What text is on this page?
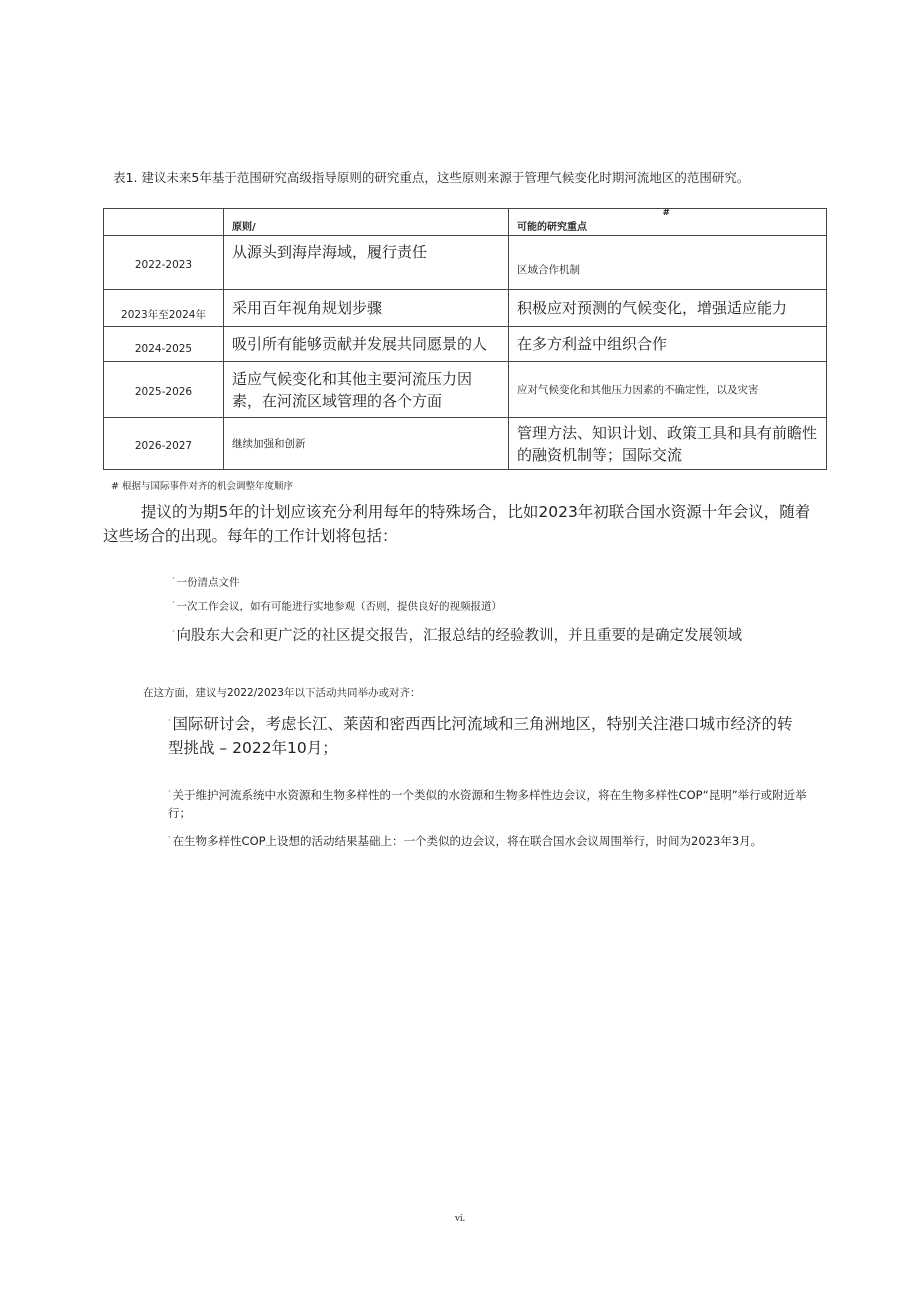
表1. 建议未来5年基于范围研究高级指导原则的研究重点，这些原则来源于管理气候变化时期河流地区的范围研究。
	原则/	可能的研究重点
#

2022-2023	从源头到海岸海域，履行责任	区域合作机制
2023年至2024年	采用百年视角规划步骤	积极应对预测的气候变化，增强适应能力
2024-2025	吸引所有能够贡献并发展共同愿景的人	在多方利益中组织合作
2025-2026	适应气候变化和其他主要河流压力因素，在河流区域管理的各个方面	应对气候变化和其他压力因素的不确定性，以及灾害
2026-2027	继续加强和创新	管理方法、知识计划、政策工具和具有前瞻性的融资机制等；国际交流
# 根据与国际事件对齐的机会调整年度顺序
提议的为期5年的计划应该充分利用每年的特殊场合，比如2023年初联合国水资源十年会议，随着这些场合的出现。每年的工作计划将包括：
· 一份清点文件
· 一次工作会议，如有可能进行实地参观（否则，提供良好的视频报道）
· 向股东大会和更广泛的社区提交报告，汇报总结的经验教训，并且重要的是确定发展领域
在这方面，建议与2022/2023年以下活动共同举办或对齐：
· 国际研讨会，考虑长江、莱茵和密西西比河流域和三角洲地区，特别关注港口城市经济的转型挑战 – 2022年10月；
· 关于维护河流系统中水资源和生物多样性的一个类似的水资源和生物多样性边会议，将在生物多样性COP“昆明”举行或附近举行；
· 在生物多样性COP上设想的活动结果基础上：一个类似的边会议，将在联合国水会议周围举行，时间为2023年3月。
vi.
